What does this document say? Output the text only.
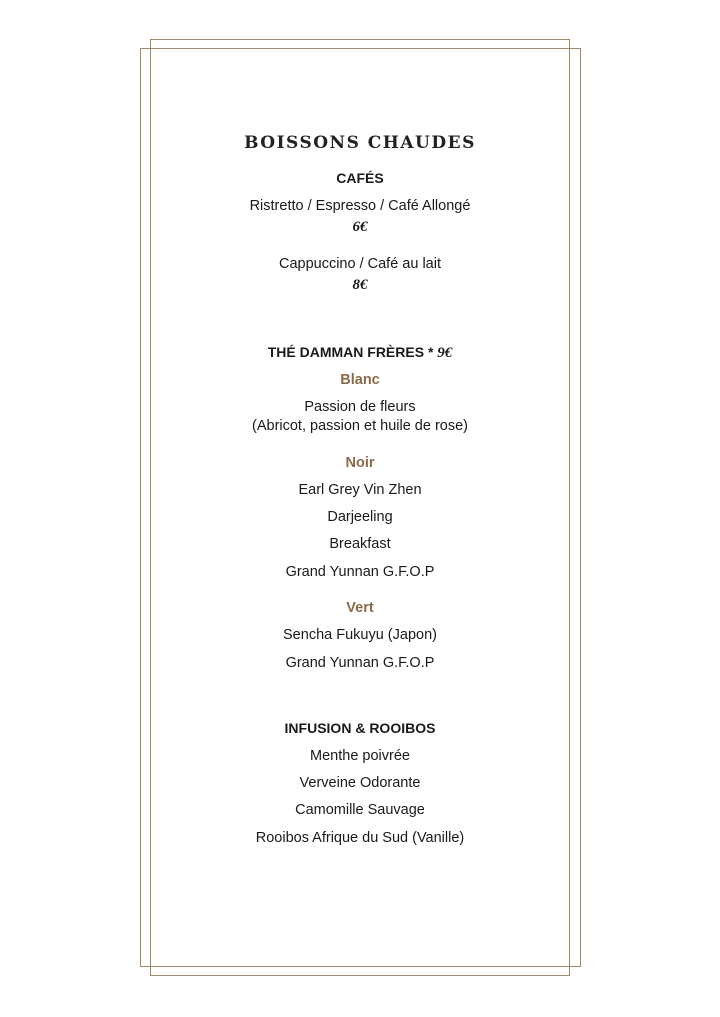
BOISSONS CHAUDES
CAFÉS
Ristretto / Espresso / Café Allongé
6€
Cappuccino / Café au lait
8€
THÉ DAMMAN FRÈRES * 9€
Blanc
Passion de fleurs
(Abricot, passion et huile de rose)
Noir
Earl Grey Vin Zhen
Darjeeling
Breakfast
Grand Yunnan G.F.O.P
Vert
Sencha Fukuyu (Japon)
Grand Yunnan G.F.O.P
INFUSION & ROOIBOS
Menthe poivrée
Verveine Odorante
Camomille Sauvage
Rooibos Afrique du Sud (Vanille)
